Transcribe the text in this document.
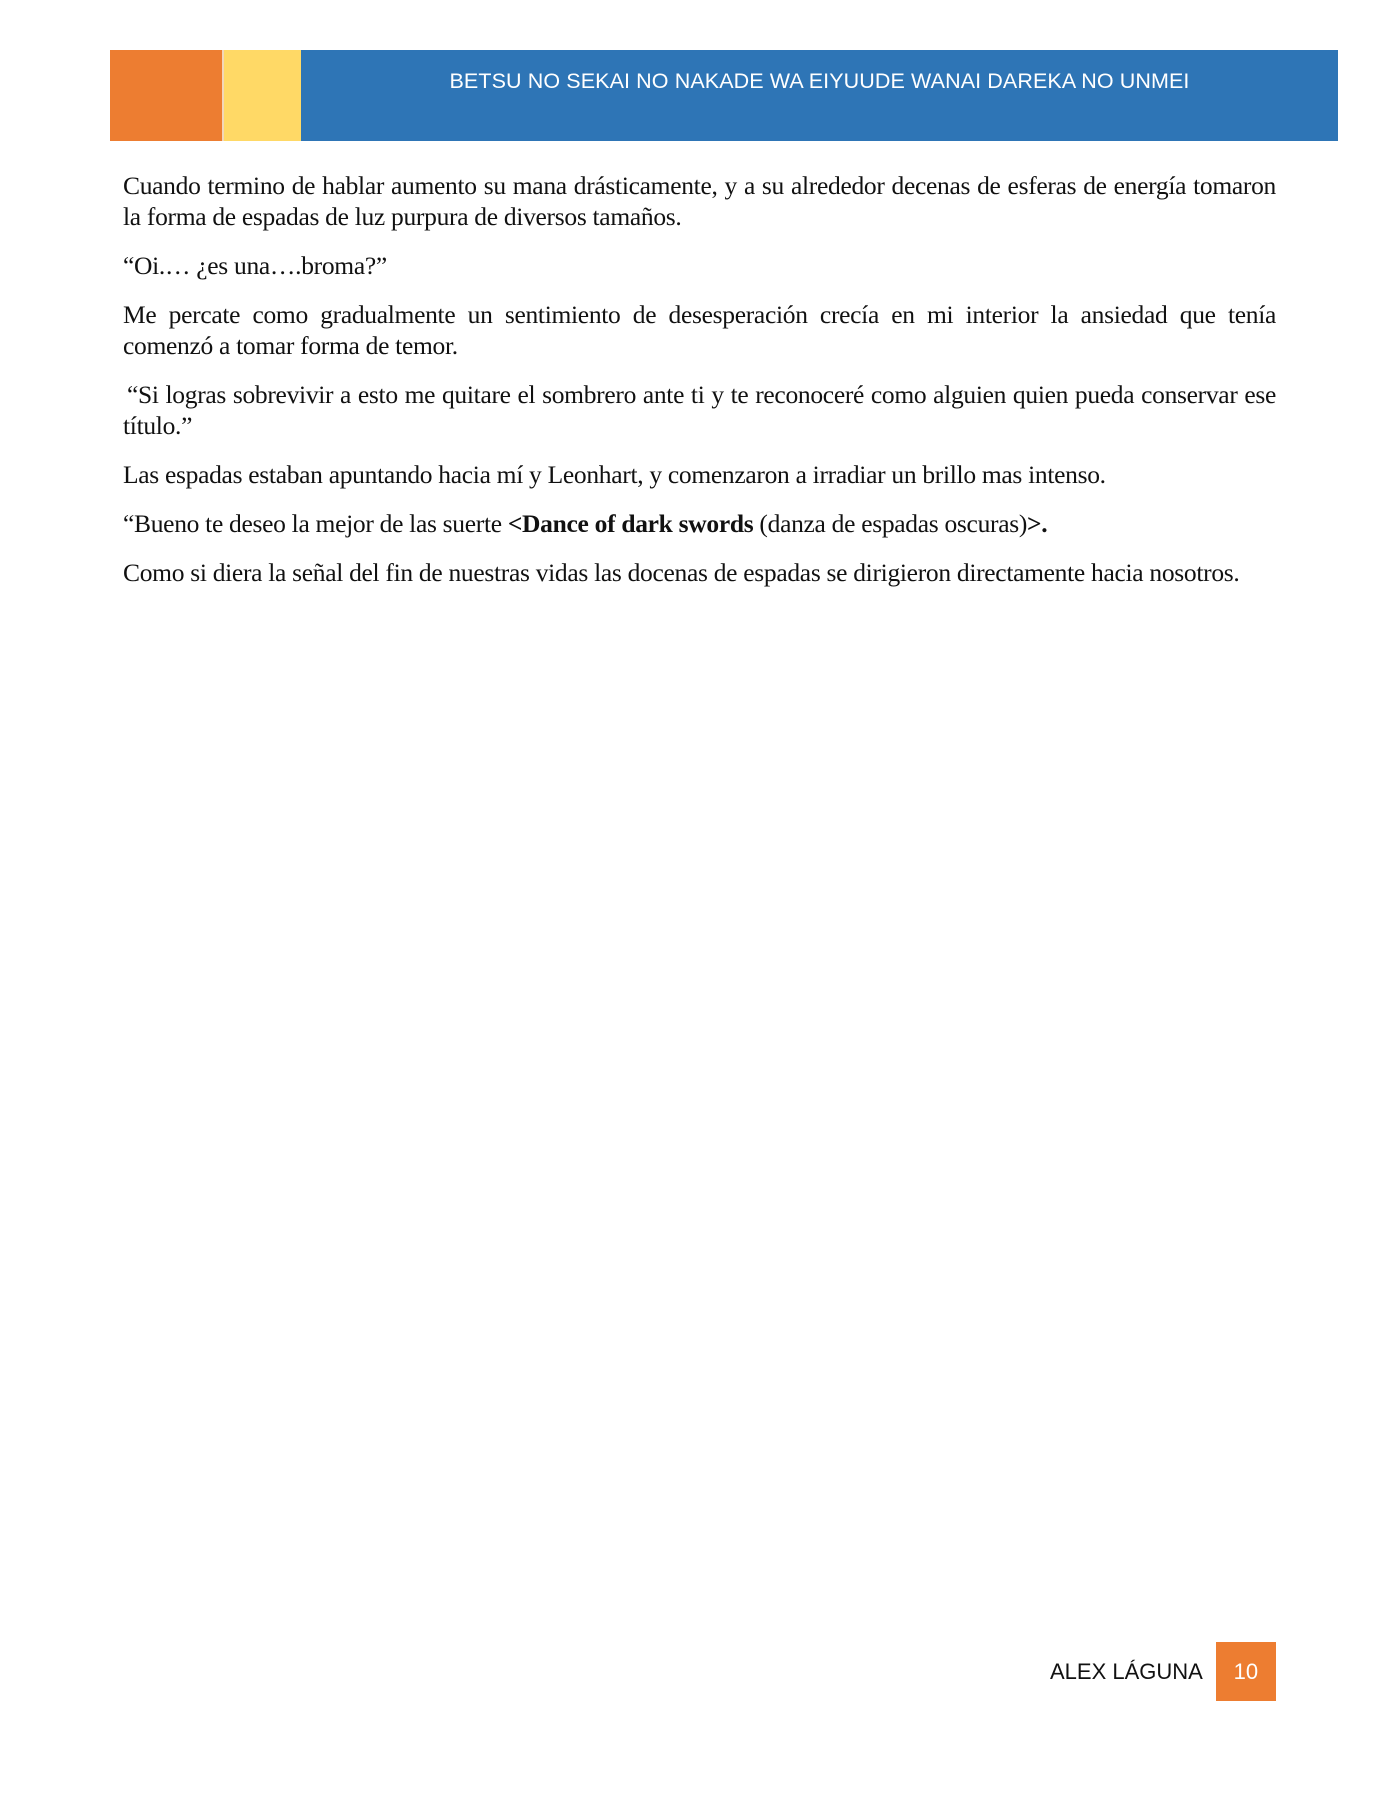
BETSU NO SEKAI NO NAKADE WA EIYUUDE WANAI DAREKA NO UNMEI

Cuando termino de hablar aumento su mana drásticamente, y a su alrededor decenas de esferas de energía tomaron la forma de espadas de luz purpura de diversos tamaños.

“Oi.… ¿es una….broma?”

Me percate como gradualmente un sentimiento de desesperación crecía en mi interior la ansiedad que tenía comenzó a tomar forma de temor.

“Si logras sobrevivir a esto me quitare el sombrero ante ti y te reconoceré como alguien quien pueda conservar ese título.”

Las espadas estaban apuntando hacia mí y Leonhart, y comenzaron a irradiar un brillo mas intenso.

“Bueno te deseo la mejor de las suerte <Dance of dark swords (danza de espadas oscuras)>.

Como si diera la señal del fin de nuestras vidas las docenas de espadas se dirigieron directamente hacia nosotros.

ALEX LÁGUNA 10
